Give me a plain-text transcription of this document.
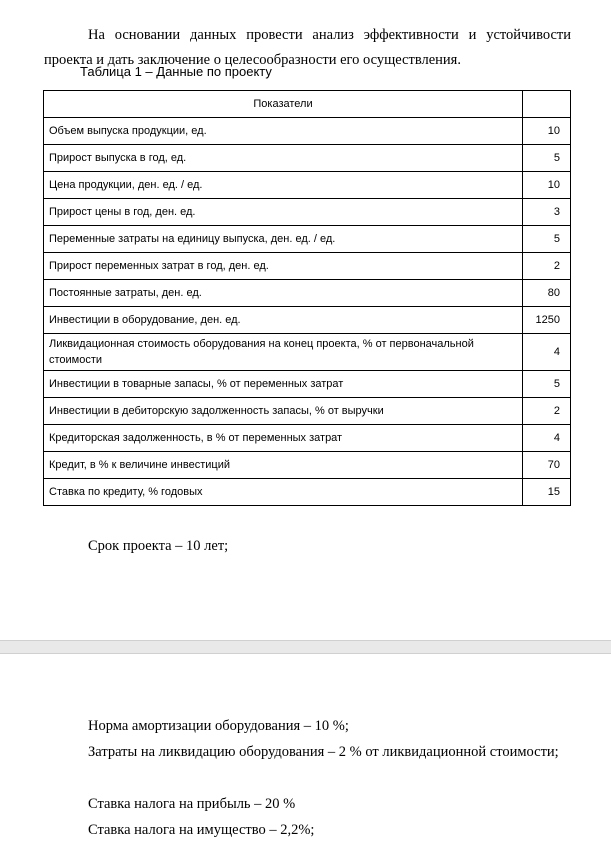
На основании данных провести анализ эффективности и устойчивости проекта и дать заключение о целесообразности его осуществления.

Таблица 1 – Данные по проекту
Показатели	
Объем выпуска продукции, ед.	10
Прирост выпуска в год, ед.	5
Цена продукции, ден. ед. / ед.	10
Прирост цены в год, ден. ед.	3
Переменные затраты на единицу выпуска, ден. ед. / ед.	5
Прирост переменных затрат в год, ден. ед.	2
Постоянные затраты, ден. ед.	80
Инвестиции в оборудование, ден. ед.	1250
Ликвидационная стоимость оборудования на конец проекта, % от первоначальной стоимости	4
Инвестиции в товарные запасы, % от переменных затрат	5
Инвестиции в дебиторскую задолженность запасы, % от выручки	2
Кредиторская задолженность, в % от переменных затрат	4
Кредит, в % к величине инвестиций	70
Ставка по кредиту, % годовых	15

Срок проекта – 10 лет;

Норма амортизации оборудования – 10 %;

Затраты на ликвидацию оборудования – 2 % от ликвидационной стоимости;

Ставка налога на прибыль – 20 %

Ставка налога на имущество – 2,2%;
